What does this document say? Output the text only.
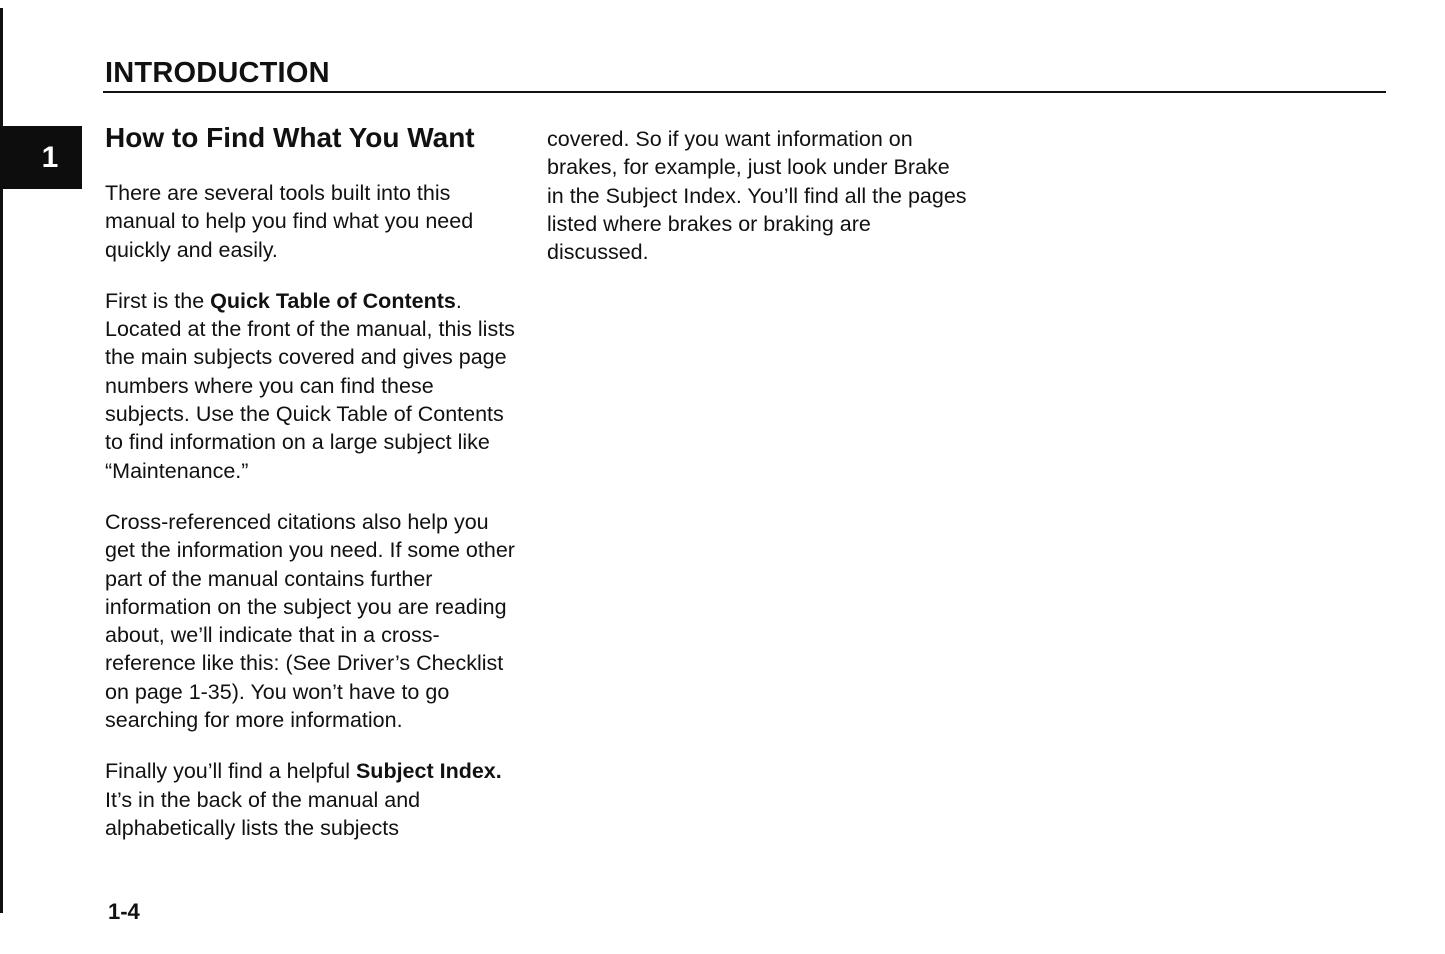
1
INTRODUCTION
How to Find What You Want

There are several tools built into this manual to help you find what you need quickly and easily.

First is the Quick Table of Contents. Located at the front of the manual, this lists the main subjects covered and gives page numbers where you can find these subjects. Use the Quick Table of Contents to find information on a large subject like “Maintenance.”

Cross-referenced citations also help you get the information you need. If some other part of the manual contains further information on the subject you are reading about, we’ll indicate that in a cross-reference like this: (See Driver’s Checklist on page 1-35). You won’t have to go searching for more information.

Finally you’ll find a helpful Subject Index. It’s in the back of the manual and alphabetically lists the subjects

covered. So if you want information on brakes, for example, just look under Brake in the Subject Index. You’ll find all the pages listed where brakes or braking are discussed.

1-4
